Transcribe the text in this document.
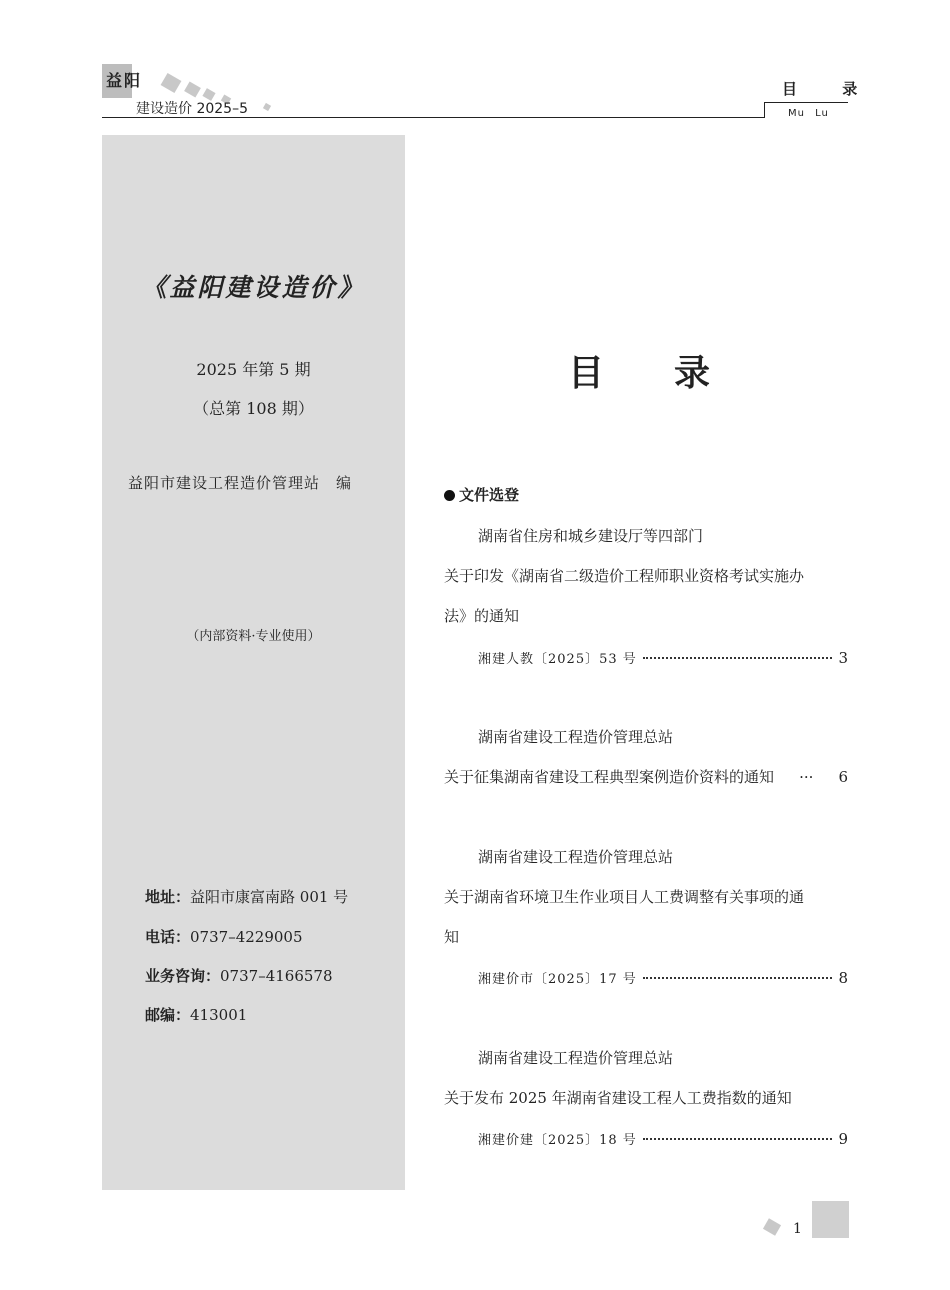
益阳
建设造价 2025–5
目 录
Mu Lu
《益阳建设造价》
2025 年第 5 期
（总第 108 期）
益阳市建设工程造价管理站 编
（内部资料·专业使用）
地址：益阳市康富南路 001 号
电话：0737–4229005
业务咨询：0737–4166578
邮编：413001
目录
文件选登
湖南省住房和城乡建设厅等四部门
关于印发《湖南省二级造价工程师职业资格考试实施办
法》的通知
湘建人教〔2025〕53 号	3
湖南省建设工程造价管理总站
关于征集湖南省建设工程典型案例造价资料的通知	···	6
湖南省建设工程造价管理总站
关于湖南省环境卫生作业项目人工费调整有关事项的通
知
湘建价市〔2025〕17 号	8
湖南省建设工程造价管理总站
关于发布 2025 年湖南省建设工程人工费指数的通知
湘建价建〔2025〕18 号	9
1
